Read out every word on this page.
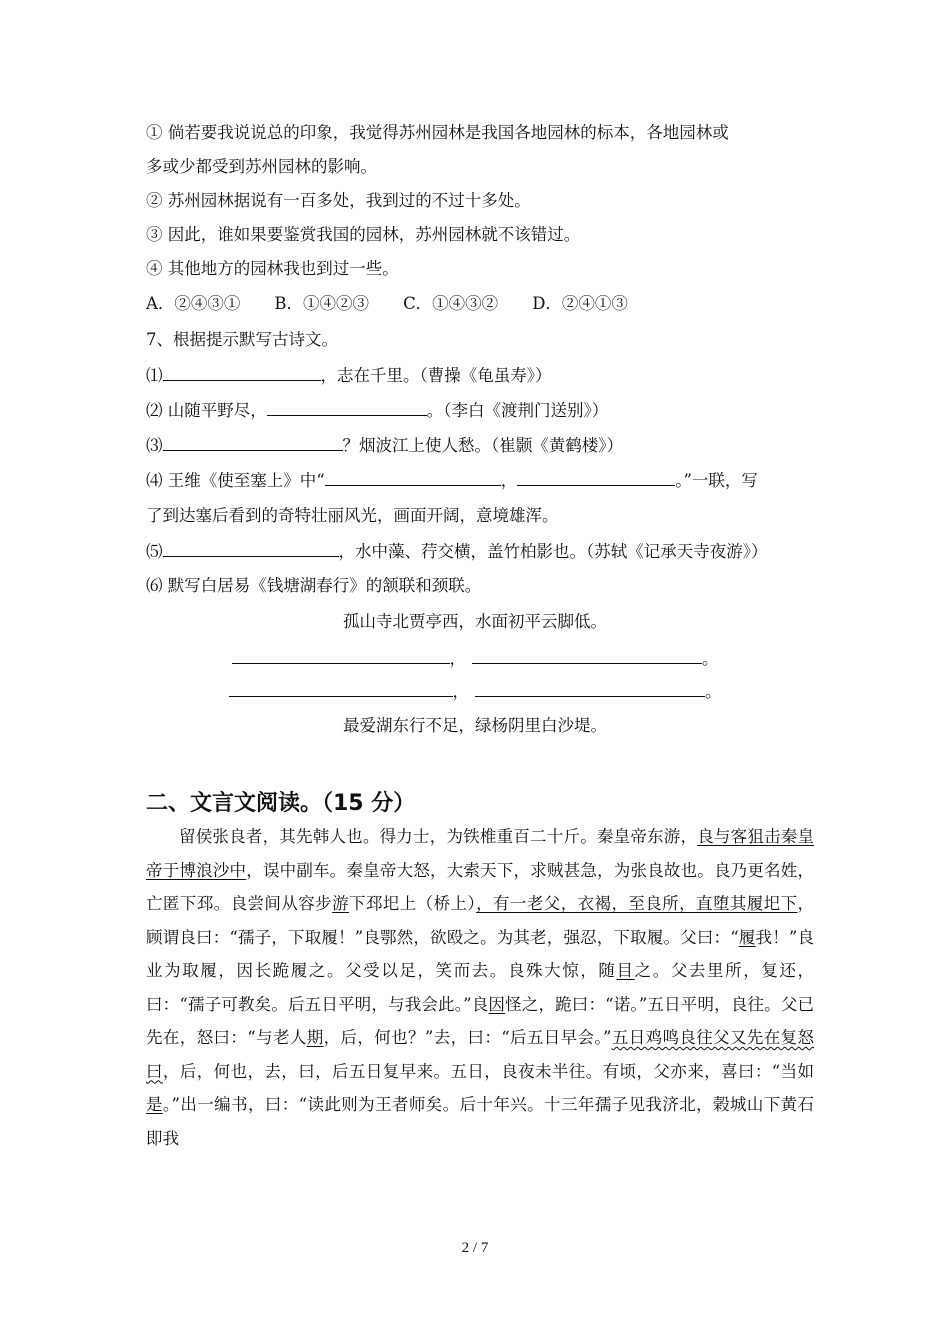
① 倘若要我说说总的印象，我觉得苏州园林是我国各地园林的标本，各地园林或
多或少都受到苏州园林的影响。
② 苏州园林据说有一百多处，我到过的不过十多处。
③ 因此，谁如果要鉴赏我国的园林，苏州园林就不该错过。
④ 其他地方的园林我也到过一些。
A．②④③① B．①④②③ C．①④③② D．②④①③
7、根据提示默写古诗文。
⑴	，志在千里。（曹操《龟虽寿》）
⑵ 山随平野尽，	。（李白《渡荆门送别》）
⑶	？烟波江上使人愁。（崔颢《黄鹤楼》）
⑷ 王维《使至塞上》中“	，	。”一联，写
了到达塞后看到的奇特壮丽风光，画面开阔，意境雄浑。
⑸	，水中藻、荇交横，盖竹柏影也。（苏轼《记承天寺夜游》）
⑹ 默写白居易《钱塘湖春行》的颔联和颈联。
孤山寺北贾亭西，水面初平云脚低。
，	。
，	。
最爱湖东行不足，绿杨阴里白沙堤。
二、文言文阅读。（15 分）

留侯张良者，其先韩人也。得力士，为铁椎重百二十斤。秦皇帝东游，良与客狙击秦皇帝于博浪沙中，误中副车。秦皇帝大怒，大索天下，求贼甚急，为张良故也。良乃更名姓，亡匿下邳。良尝间从容步游下邳圯上（桥上），有一老父，衣褐，至良所，直堕其履圯下，顾谓良曰：“孺子，下取履！”良鄂然，欲殴之。为其老，强忍，下取履。父曰：“履我！”良业为取履，因长跪履之。父受以足，笑而去。良殊大惊，随目之。父去里所，复还，曰：“孺子可教矣。后五日平明，与我会此。”良因怪之，跪曰：“诺。”五日平明，良往。父已先在，怒曰：“与老人期，后，何也？”去，曰：“后五日早会。”五日鸡鸣良往父又先在复怒曰，后，何也，去，曰，后五日复早来。五日，良夜未半往。有顷，父亦来，喜曰：“当如是。”出一编书，曰：“读此则为王者师矣。后十年兴。十三年孺子见我济北，榖城山下黄石即我

2 / 7
